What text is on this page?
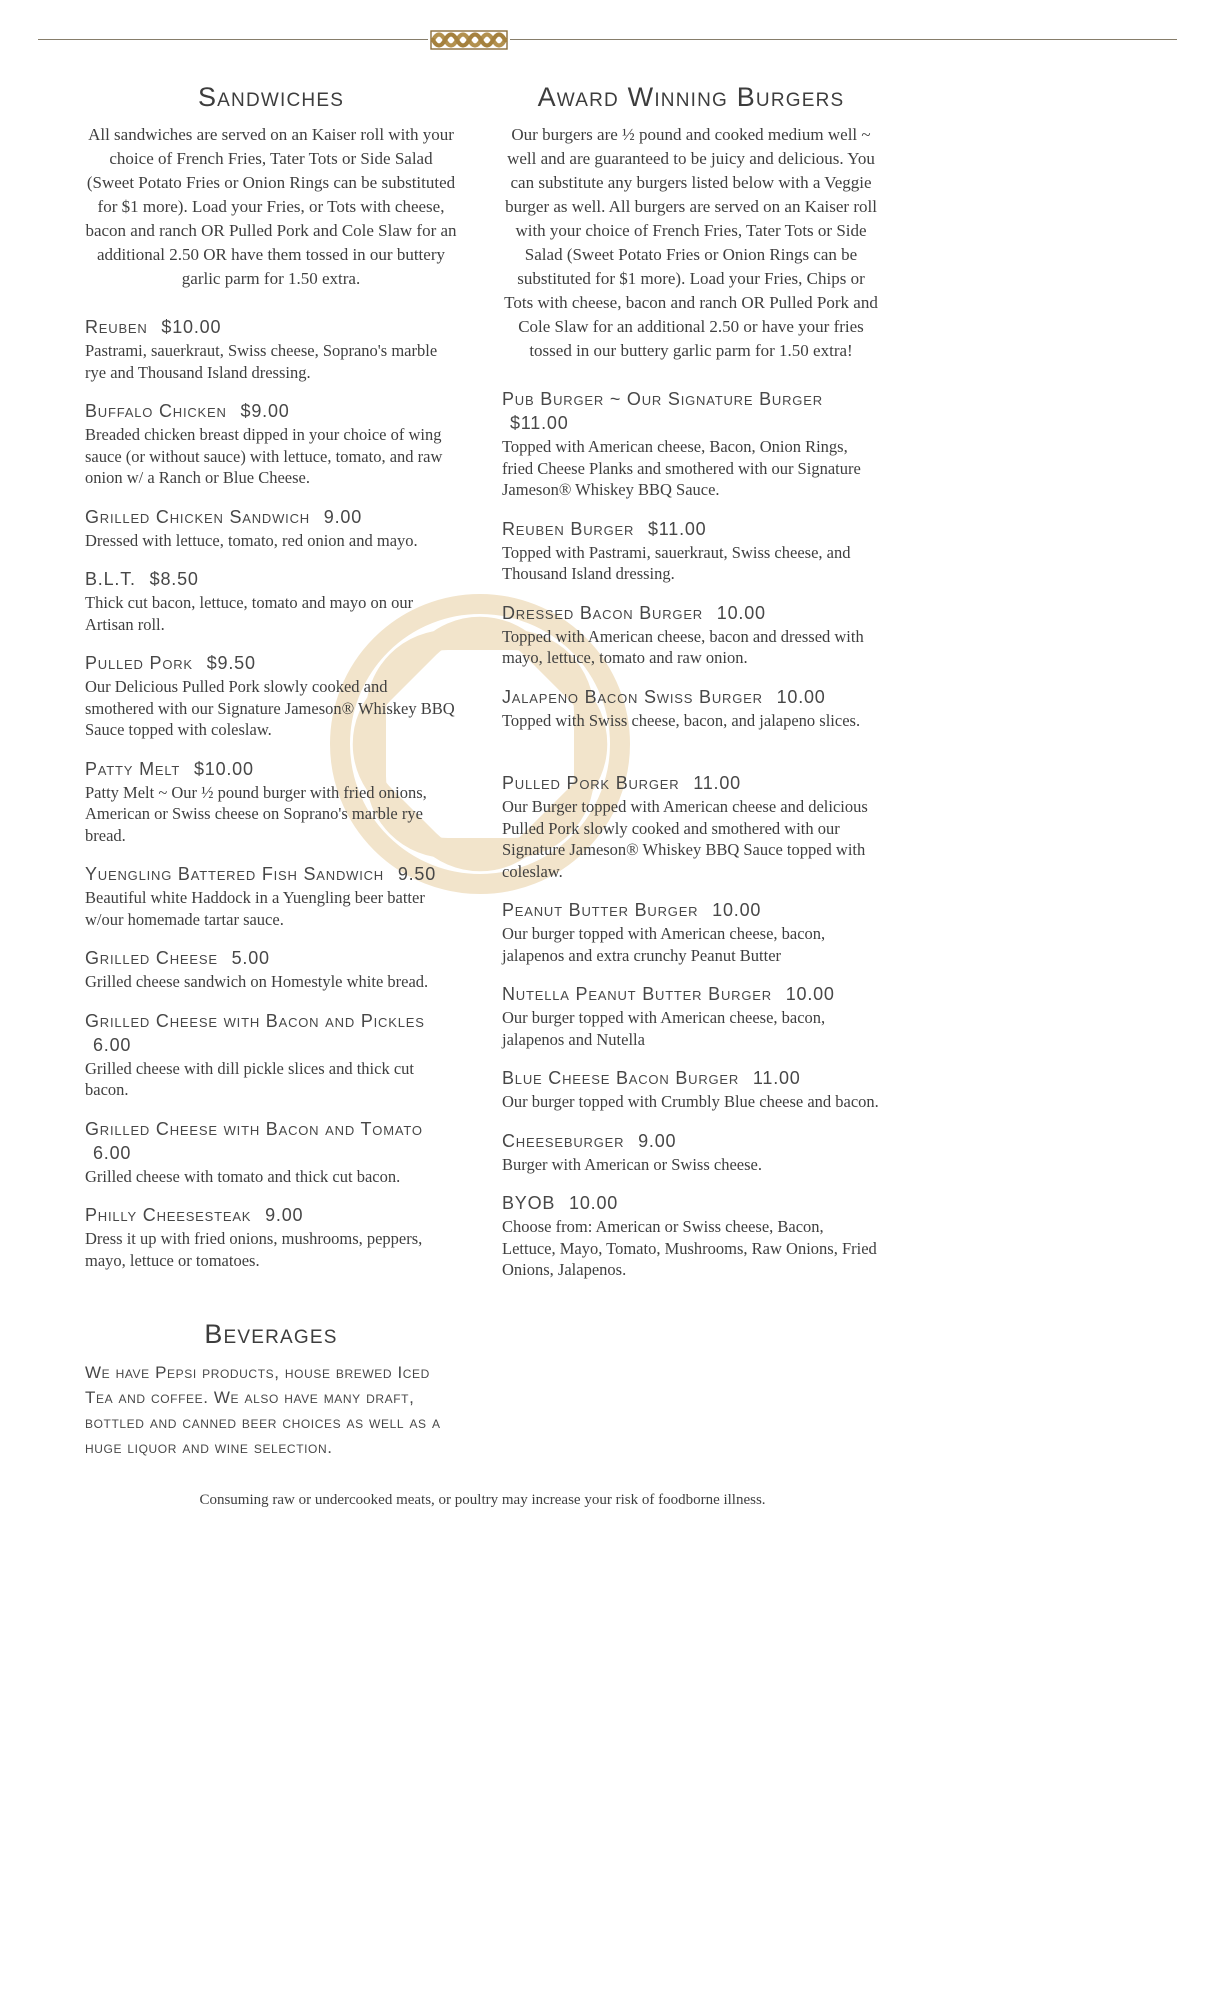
Sandwiches

All sandwiches are served on an Kaiser roll with your choice of French Fries, Tater Tots or Side Salad (Sweet Potato Fries or Onion Rings can be substituted for $1 more). Load your Fries, or Tots with cheese, bacon and ranch OR Pulled Pork and Cole Slaw for an additional 2.50 OR have them tossed in our buttery garlic parm for 1.50 extra.

Reuben $10.00
Pastrami, sauerkraut, Swiss cheese, Soprano's marble rye and Thousand Island dressing.
Buffalo Chicken $9.00
Breaded chicken breast dipped in your choice of wing sauce (or without sauce) with lettuce, tomato, and raw onion w/ a Ranch or Blue Cheese.
Grilled Chicken Sandwich 9.00
Dressed with lettuce, tomato, red onion and mayo.
B.L.T. $8.50
Thick cut bacon, lettuce, tomato and mayo on our Artisan roll.
Pulled Pork $9.50
Our Delicious Pulled Pork slowly cooked and smothered with our Signature Jameson® Whiskey BBQ Sauce topped with coleslaw.
Patty Melt $10.00
Patty Melt ~ Our ½ pound burger with fried onions, American or Swiss cheese on Soprano's marble rye bread.
Yuengling Battered Fish Sandwich 9.50
Beautiful white Haddock in a Yuengling beer batter w/our homemade tartar sauce.
Grilled Cheese 5.00
Grilled cheese sandwich on Homestyle white bread.
Grilled Cheese with Bacon and Pickles 6.00
Grilled cheese with dill pickle slices and thick cut bacon.
Grilled Cheese with Bacon and Tomato 6.00
Grilled cheese with tomato and thick cut bacon.
Philly Cheesesteak 9.00
Dress it up with fried onions, mushrooms, peppers, mayo, lettuce or tomatoes.
Beverages

We have Pepsi products, house brewed Iced Tea and coffee. We also have many draft, bottled and canned beer choices as well as a huge liquor and wine selection.

Award Winning Burgers

Our burgers are ½ pound and cooked medium well ~ well and are guaranteed to be juicy and delicious. You can substitute any burgers listed below with a Veggie burger as well. All burgers are served on an Kaiser roll with your choice of French Fries, Tater Tots or Side Salad (Sweet Potato Fries or Onion Rings can be substituted for $1 more). Load your Fries, Chips or Tots with cheese, bacon and ranch OR Pulled Pork and Cole Slaw for an additional 2.50 or have your fries tossed in our buttery garlic parm for 1.50 extra!

Pub Burger ~ Our Signature Burger $11.00
Topped with American cheese, Bacon, Onion Rings, fried Cheese Planks and smothered with our Signature Jameson® Whiskey BBQ Sauce.
Reuben Burger $11.00
Topped with Pastrami, sauerkraut, Swiss cheese, and Thousand Island dressing.
Dressed Bacon Burger 10.00
Topped with American cheese, bacon and dressed with mayo, lettuce, tomato and raw onion.
Jalapeno Bacon Swiss Burger 10.00
Topped with Swiss cheese, bacon, and jalapeno slices.
Pulled Pork Burger 11.00
Our Burger topped with American cheese and delicious Pulled Pork slowly cooked and smothered with our Signature Jameson® Whiskey BBQ Sauce topped with coleslaw.
Peanut Butter Burger 10.00
Our burger topped with American cheese, bacon, jalapenos and extra crunchy Peanut Butter
Nutella Peanut Butter Burger 10.00
Our burger topped with American cheese, bacon, jalapenos and Nutella
Blue Cheese Bacon Burger 11.00
Our burger topped with Crumbly Blue cheese and bacon.
Cheeseburger 9.00
Burger with American or Swiss cheese.
BYOB 10.00
Choose from: American or Swiss cheese, Bacon, Lettuce, Mayo, Tomato, Mushrooms, Raw Onions, Fried Onions, Jalapenos.
Consuming raw or undercooked meats, or poultry may increase your risk of foodborne illness.
